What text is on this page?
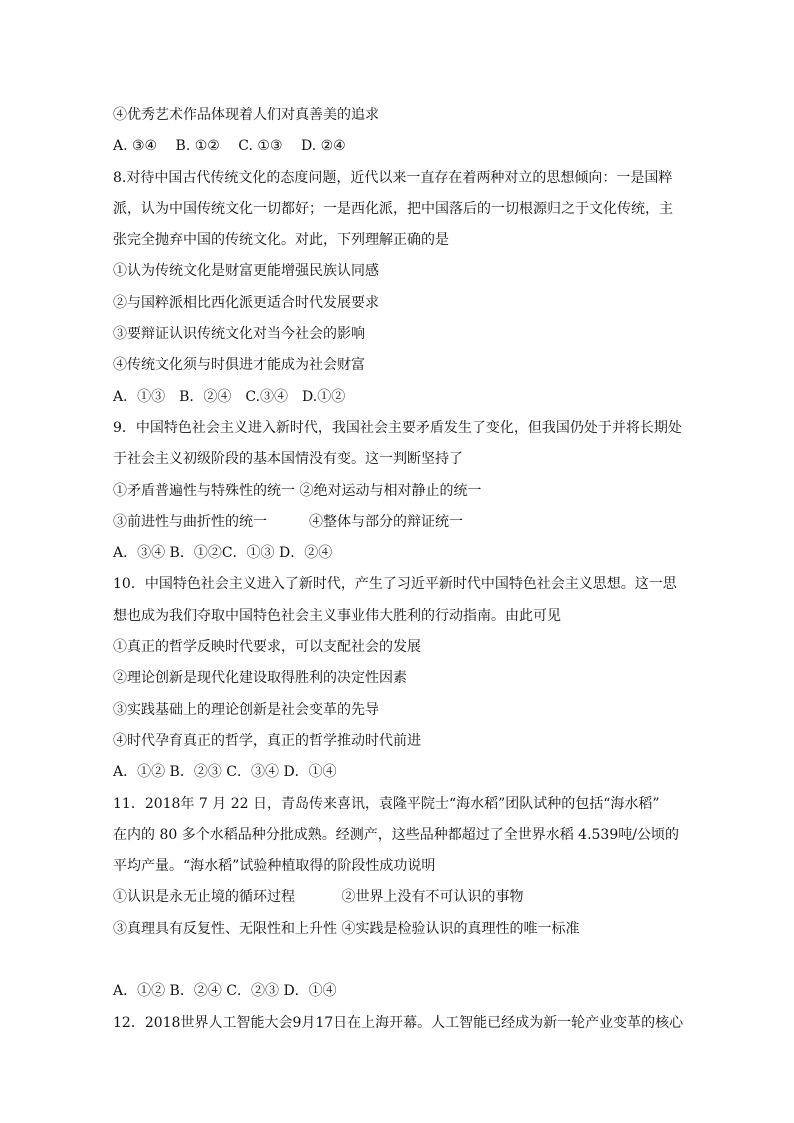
④优秀艺术作品体现着人们对真善美的追求
A. ③④　 B. ①②　 C. ①③　 D. ②④
8.对待中国古代传统文化的态度问题，近代以来一直存在着两种对立的思想倾向：一是国粹
派，认为中国传统文化一切都好；一是西化派，把中国落后的一切根源归之于文化传统，主
张完全抛弃中国的传统文化。对此，下列理解正确的是
①认为传统文化是财富更能增强民族认同感
②与国粹派相比西化派更适合时代发展要求
③要辩证认识传统文化对当今社会的影响
④传统文化须与时俱进才能成为社会财富
A．①③　B．②④　C.③④　D.①②
9．中国特色社会主义进入新时代，我国社会主要矛盾发生了变化，但我国仍处于并将长期处
于社会主义初级阶段的基本国情没有变。这一判断坚持了
①矛盾普遍性与特殊性的统一 ②绝对运动与相对静止的统一
③前进性与曲折性的统一　　　④整体与部分的辩证统一
A．③④ B．①②C．①③ D．②④
10．中国特色社会主义进入了新时代，产生了习近平新时代中国特色社会主义思想。这一思
想也成为我们夺取中国特色社会主义事业伟大胜利的行动指南。由此可见
①真正的哲学反映时代要求，可以支配社会的发展
②理论创新是现代化建设取得胜利的决定性因素
③实践基础上的理论创新是社会变革的先导
④时代孕育真正的哲学，真正的哲学推动时代前进
A．①② B．②③ C．③④ D．①④
11．2018年 7 月 22 日，青岛传来喜讯，袁隆平院士“海水稻”团队试种的包括“海水稻”
在内的 80 多个水稻品种分批成熟。经测产，这些品种都超过了全世界水稻 4.539吨/公顷的
平均产量。“海水稻”试验种植取得的阶段性成功说明
①认识是永无止境的循环过程　　　 ②世界上没有不可认识的事物
③真理具有反复性、无限性和上升性 ④实践是检验认识的真理性的唯一标准
A．①② B．②④ C．②③ D．①④
12．2018世界人工智能大会9月17日在上海开幕。人工智能已经成为新一轮产业变革的核心
